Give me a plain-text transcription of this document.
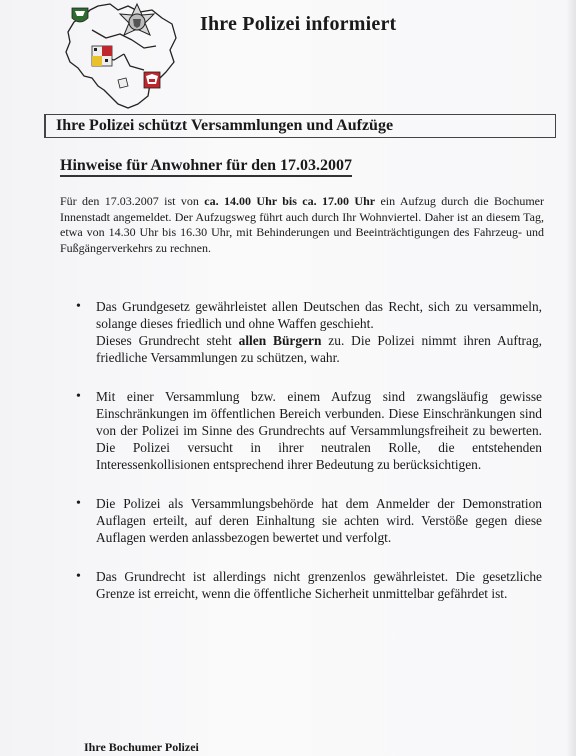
Ihre Polizei informiert
Ihre Polizei schützt Versammlungen und Aufzüge
Hinweise für Anwohner für den 17.03.2007
Für den 17.03.2007 ist von ca. 14.00 Uhr bis ca. 17.00 Uhr ein Aufzug durch die Bochumer Innenstadt angemeldet. Der Aufzugsweg führt auch durch Ihr Wohnviertel. Daher ist an diesem Tag, etwa von 14.30 Uhr bis 16.30 Uhr, mit Behinderungen und Beeinträchtigungen des Fahrzeug- und Fußgängerverkehrs zu rechnen.
• Das Grundgesetz gewährleistet allen Deutschen das Recht, sich zu versammeln, solange dieses friedlich und ohne Waffen geschieht.
Dieses Grundrecht steht allen Bürgern zu. Die Polizei nimmt ihren Auftrag, friedliche Versammlungen zu schützen, wahr.
• Mit einer Versammlung bzw. einem Aufzug sind zwangsläufig gewisse Einschränkungen im öffentlichen Bereich verbunden. Diese Einschränkungen sind von der Polizei im Sinne des Grundrechts auf Versammlungsfreiheit zu bewerten. Die Polizei versucht in ihrer neutralen Rolle, die entstehenden Interessenkollisionen entsprechend ihrer Bedeutung zu berücksichtigen.
• Die Polizei als Versammlungsbehörde hat dem Anmelder der Demonstration Auflagen erteilt, auf deren Einhaltung sie achten wird. Verstöße gegen diese Auflagen werden anlassbezogen bewertet und verfolgt.
• Das Grundrecht ist allerdings nicht grenzenlos gewährleistet. Die gesetzliche Grenze ist erreicht, wenn die öffentliche Sicherheit unmittelbar gefährdet ist.
Ihre Bochumer Polizei
